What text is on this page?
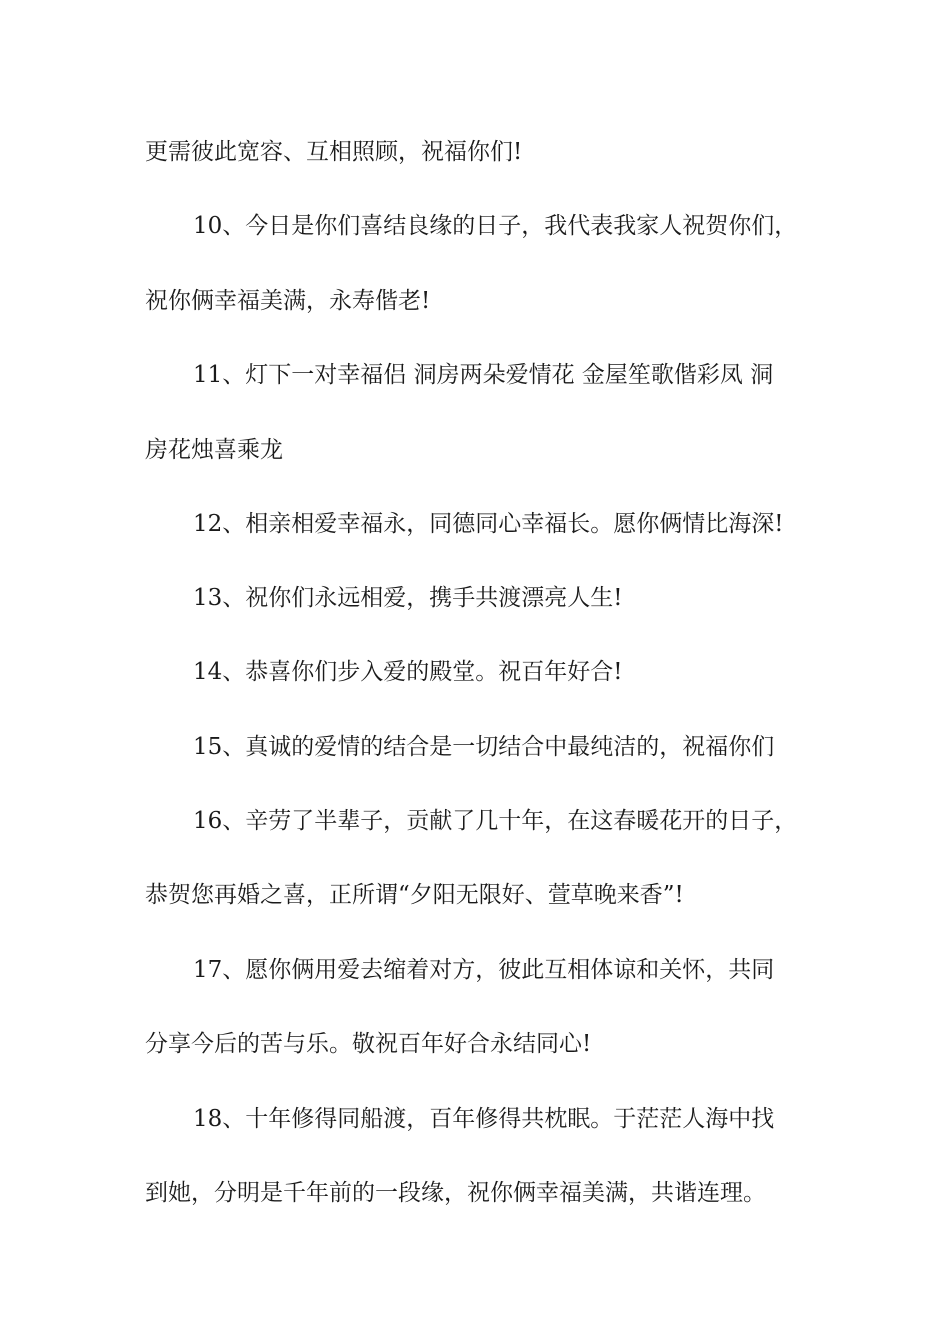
更需彼此宽容、互相照顾，祝福你们!
10、今日是你们喜结良缘的日子，我代表我家人祝贺你们，
祝你俩幸福美满，永寿偕老!
11、灯下一对幸福侣 洞房两朵爱情花 金屋笙歌偕彩凤 洞
房花烛喜乘龙
12、相亲相爱幸福永，同德同心幸福长。愿你俩情比海深!
13、祝你们永远相爱，携手共渡漂亮人生!
14、恭喜你们步入爱的殿堂。祝百年好合!
15、真诚的爱情的结合是一切结合中最纯洁的，祝福你们
16、辛劳了半辈子，贡献了几十年，在这春暖花开的日子，
恭贺您再婚之喜，正所谓“夕阳无限好、萱草晚来香”!
17、愿你俩用爱去缩着对方，彼此互相体谅和关怀，共同
分享今后的苦与乐。敬祝百年好合永结同心!
18、十年修得同船渡，百年修得共枕眠。于茫茫人海中找
到她，分明是千年前的一段缘，祝你俩幸福美满，共谐连理。
